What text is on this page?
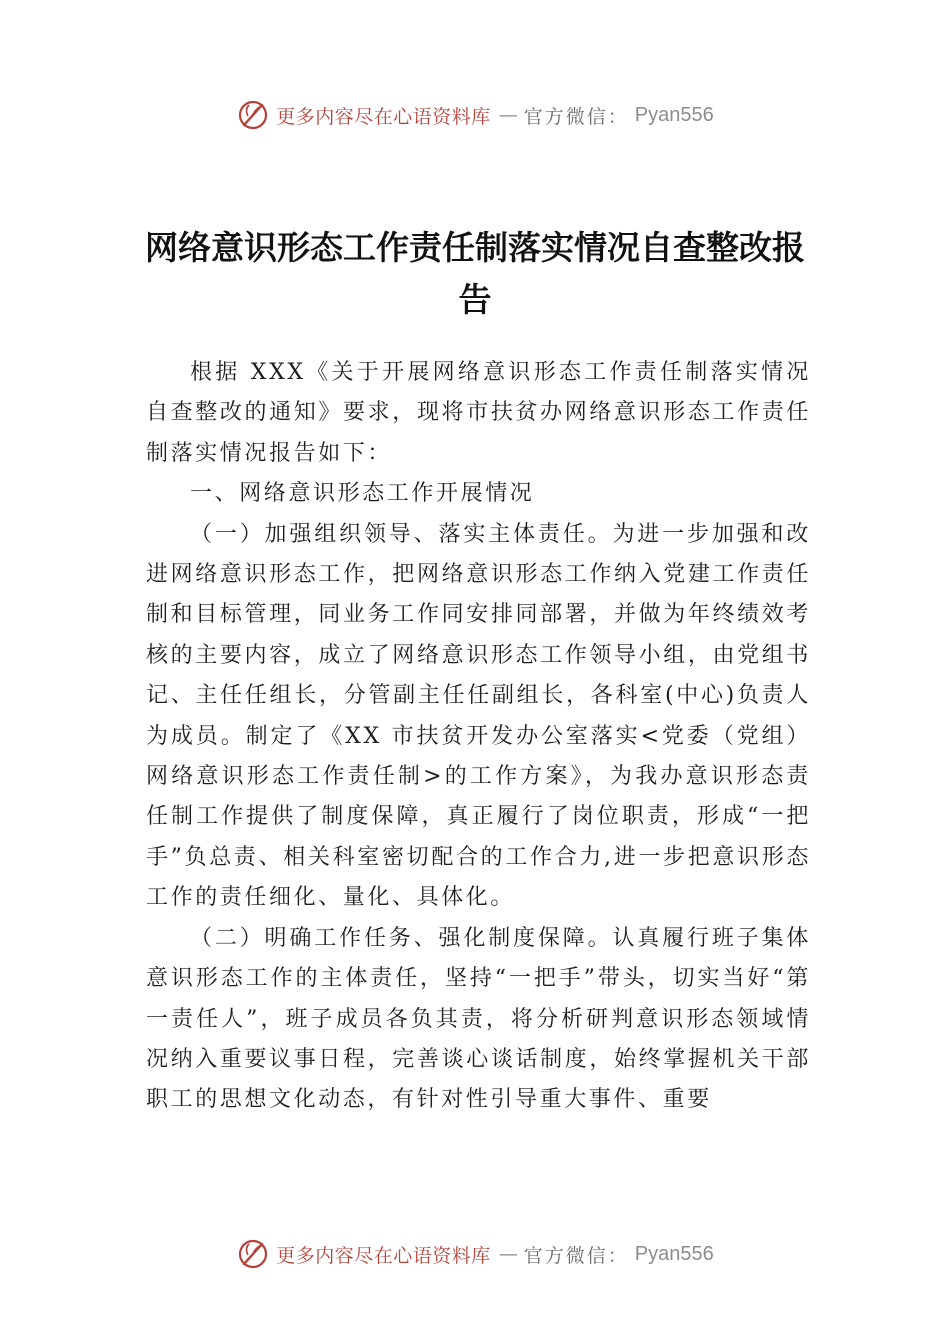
更多内容尽在心语资料库 — 官方微信： Pyan556
网络意识形态工作责任制落实情况自查整改报告

根据 XXX《关于开展网络意识形态工作责任制落实情况自查整改的通知》要求，现将市扶贫办网络意识形态工作责任制落实情况报告如下：

一、网络意识形态工作开展情况

（一）加强组织领导、落实主体责任。为进一步加强和改进网络意识形态工作，把网络意识形态工作纳入党建工作责任制和目标管理，同业务工作同安排同部署，并做为年终绩效考核的主要内容，成立了网络意识形态工作领导小组，由党组书记、主任任组长，分管副主任任副组长，各科室(中心)负责人为成员。制定了《XX 市扶贫开发办公室落实<党委（党组）网络意识形态工作责任制>的工作方案》，为我办意识形态责任制工作提供了制度保障，真正履行了岗位职责，形成“一把手”负总责、相关科室密切配合的工作合力,进一步把意识形态工作的责任细化、量化、具体化。

（二）明确工作任务、强化制度保障。认真履行班子集体意识形态工作的主体责任，坚持“一把手”带头，切实当好“第一责任人”，班子成员各负其责，将分析研判意识形态领域情况纳入重要议事日程，完善谈心谈话制度，始终掌握机关干部职工的思想文化动态，有针对性引导重大事件、重要

更多内容尽在心语资料库 — 官方微信： Pyan556
